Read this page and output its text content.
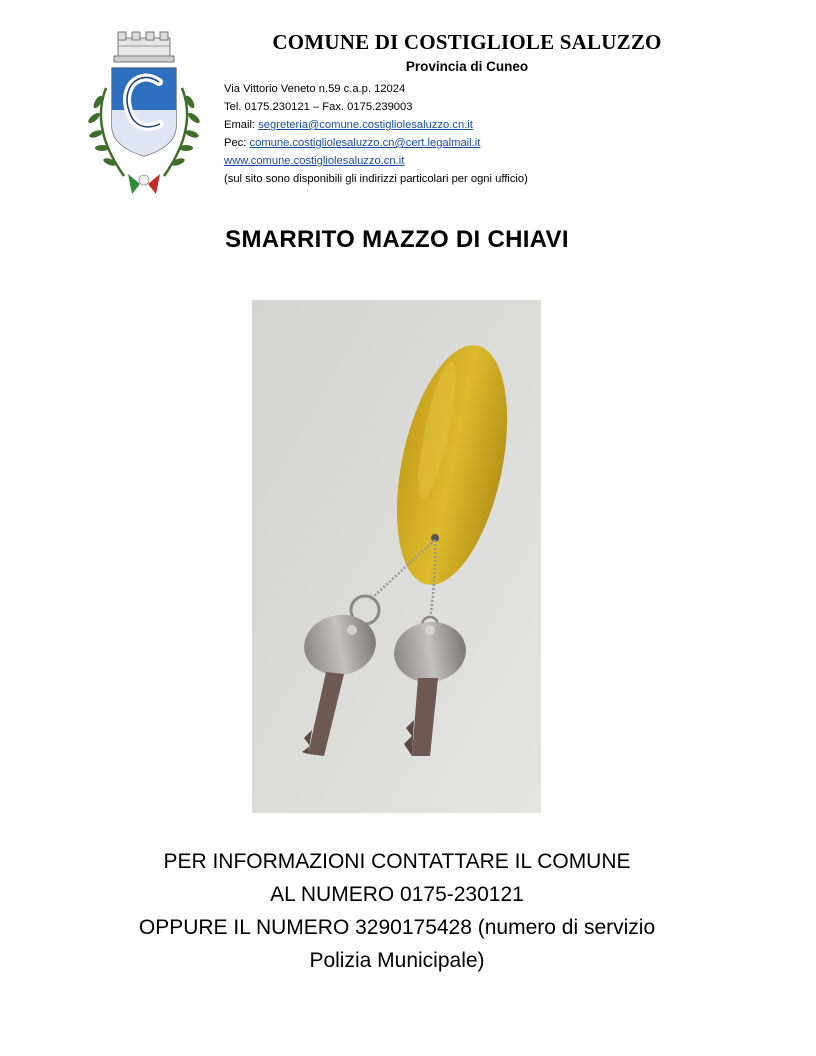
COMUNE DI COSTIGLIOLE SALUZZO
Provincia di Cuneo
Via Vittorio Veneto n.59 c.a.p. 12024
Tel. 0175.230121 – Fax. 0175.239003
Email: segreteria@comune.costigliolesaluzzo.cn.it
Pec: comune.costigliolesaluzzo.cn@cert.legalmail.it
www.comune.costigliolesaluzzo.cn.it
(sul sito sono disponibili gli indirizzi particolari per ogni ufficio)
SMARRITO MAZZO DI CHIAVI
PER INFORMAZIONI CONTATTARE IL COMUNE
AL NUMERO 0175-230121
OPPURE IL NUMERO 3290175428 (numero di servizio
Polizia Municipale)
